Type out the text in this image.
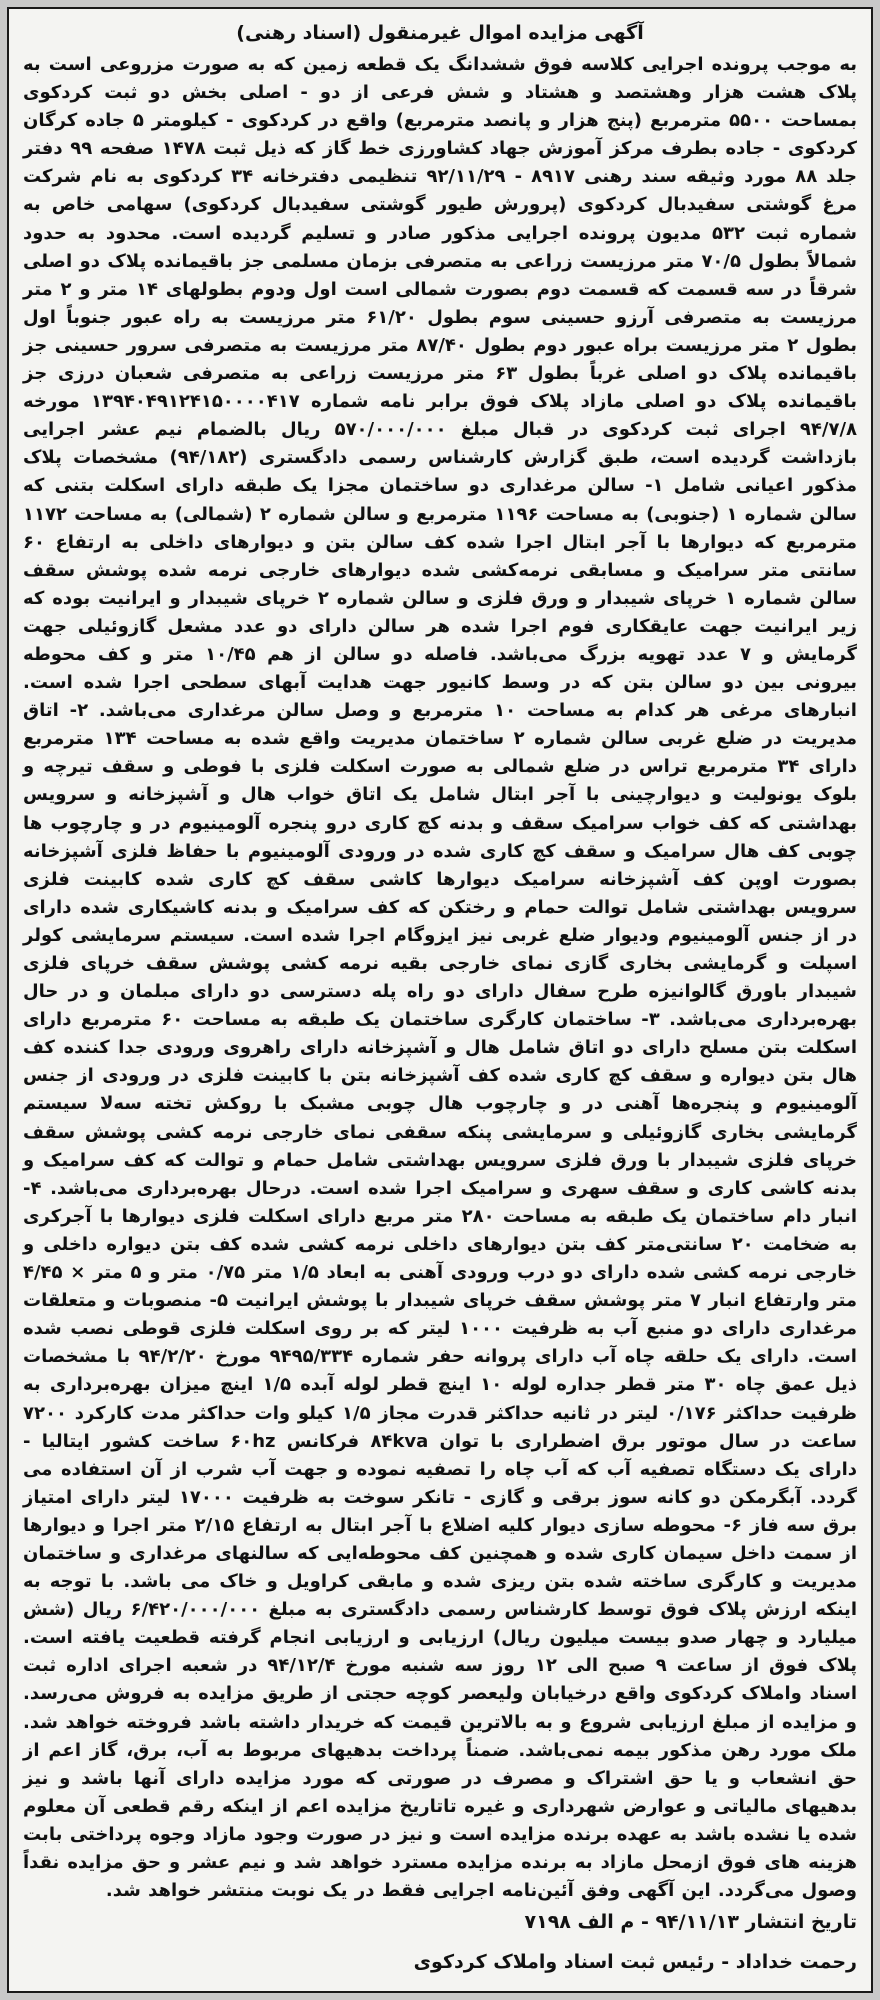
آگهی مزایده اموال غیرمنقول (اسناد رهنی)
به موجب پرونده اجرایی کلاسه فوق ششدانگ یک قطعه زمین که به صورت مزروعی است به پلاک هشت هزار وهشتصد و هشتاد و شش فرعی از دو - اصلی بخش دو ثبت کردکوی بمساحت ۵۵۰۰ مترمربع (پنج هزار و پانصد مترمربع) واقع در کردکوی - کیلومتر ۵ جاده کرگان کردکوی - جاده بطرف مرکز آموزش جهاد کشاورزی خط گاز که ذیل ثبت ۱۴۷۸ صفحه ۹۹ دفتر جلد ۸۸ مورد وثیقه سند رهنی ۸۹۱۷ - ۹۲/۱۱/۲۹ تنظیمی دفترخانه ۳۴ کردکوی به نام شرکت مرغ گوشتی سفیدبال کردکوی (پرورش طیور گوشتی سفیدبال کردکوی) سهامی خاص به شماره ثبت ۵۳۲ مدیون پرونده اجرایی مذکور صادر و تسلیم گردیده است. محدود به حدود شمالاً بطول ۷۰/۵ متر مرزیست زراعی به متصرفی بزمان مسلمی جز باقیمانده پلاک دو اصلی شرقاً در سه قسمت که قسمت دوم بصورت شمالی است اول ودوم بطولهای ۱۴ متر و ۲ متر مرزیست به متصرفی آرزو حسینی سوم بطول ۶۱/۲۰ متر مرزیست به راه عبور جنوباً اول بطول ۲ متر مرزیست براه عبور دوم بطول ۸۷/۴۰ متر مرزیست به متصرفی سرور حسینی جز باقیمانده پلاک دو اصلی غرباً بطول ۶۳ متر مرزیست زراعی به متصرفی شعبان درزی جز باقیمانده پلاک دو اصلی مازاد پلاک فوق برابر نامه شماره ۱۳۹۴۰۴۹۱۲۴۱۵۰۰۰۰۴۱۷ مورخه ۹۴/۷/۸ اجرای ثبت کردکوی در قبال مبلغ ۵۷۰/۰۰۰/۰۰۰ ریال بالضمام نیم عشر اجرایی بازداشت گردیده است، طبق گزارش کارشناس رسمی دادگستری (۹۴/۱۸۲) مشخصات پلاک مذکور اعیانی شامل ۱- سالن مرغداری دو ساختمان مجزا یک طبقه دارای اسکلت بتنی که سالن شماره ۱ (جنوبی) به مساحت ۱۱۹۶ مترمربع و سالن شماره ۲ (شمالی) به مساحت ۱۱۷۲ مترمربع که دیوارها با آجر ابتال اجرا شده کف سالن بتن و دیوارهای داخلی به ارتفاع ۶۰ سانتی متر سرامیک و مسابقی نرمه‌کشی شده دیوارهای خارجی نرمه شده پوشش سقف سالن شماره ۱ خرپای شیبدار و ورق فلزی و سالن شماره ۲ خرپای شیبدار و ایرانیت بوده که زیر ایرانیت جهت عایقکاری فوم اجرا شده هر سالن دارای دو عدد مشعل گازوئیلی جهت گرمایش و ۷ عدد تهویه بزرگ می‌باشد. فاصله دو سالن از هم ۱۰/۴۵ متر و کف محوطه بیرونی بین دو سالن بتن که در وسط کانیور جهت هدایت آبهای سطحی اجرا شده است. انبارهای مرغی هر کدام به مساحت ۱۰ مترمربع و وصل سالن مرغداری می‌باشد. ۲- اتاق مدیریت در ضلع غربی سالن شماره ۲ ساختمان مدیریت واقع شده به مساحت ۱۳۴ مترمربع دارای ۳۴ مترمربع تراس در ضلع شمالی به صورت اسکلت فلزی با فوطی و سقف تیرچه و بلوک یونولیت و دیوارچینی با آجر ابتال شامل یک اتاق خواب هال و آشپزخانه و سرویس بهداشتی که کف خواب سرامیک سقف و بدنه کچ کاری درو پنجره آلومینیوم در و چارچوب ها چوبی کف هال سرامیک و سقف کچ کاری شده در ورودی آلومینیوم با حفاظ فلزی آشپزخانه بصورت اوپن کف آشپزخانه سرامیک دیوارها کاشی سقف کچ کاری شده کابینت فلزی سرویس بهداشتی شامل توالت حمام و رختکن که کف سرامیک و بدنه کاشیکاری شده دارای در از جنس آلومینیوم ودیوار ضلع غربی نیز ایزوگام اجرا شده است. سیستم سرمایشی کولر اسپلت و گرمایشی بخاری گازی نمای خارجی بقیه نرمه کشی پوشش سقف خرپای فلزی شیبدار باورق گالوانیزه طرح سفال دارای دو راه پله دسترسی دو دارای مبلمان و در حال بهره‌برداری می‌باشد. ۳- ساختمان کارگری ساختمان یک طبقه به مساحت ۶۰ مترمربع دارای اسکلت بتن مسلح دارای دو اتاق شامل هال و آشپزخانه دارای راهروی ورودی جدا کننده کف هال بتن دیواره و سقف کچ کاری شده کف آشپزخانه بتن با کابینت فلزی در ورودی از جنس آلومینیوم و پنجره‌ها آهنی در و چارچوب هال چوبی مشبک با روکش تخته سه‌لا سیستم گرمایشی بخاری گازوئیلی و سرمایشی پنکه سقفی نمای خارجی نرمه کشی پوشش سقف خرپای فلزی شیبدار با ورق فلزی سرویس بهداشتی شامل حمام و توالت که کف سرامیک و بدنه کاشی کاری و سقف سهری و سرامیک اجرا شده است. درحال بهره‌برداری می‌باشد. ۴- انبار دام ساختمان یک طبقه به مساحت ۲۸۰ متر مربع دارای اسکلت فلزی دیوارها با آجرکری به ضخامت ۲۰ سانتی‌متر کف بتن دیوارهای داخلی نرمه کشی شده کف بتن دیواره داخلی و خارجی نرمه کشی شده دارای دو درب ورودی آهنی به ابعاد ۱/۵ متر ۰/۷۵ متر و ۵ متر × ۴/۴۵ متر وارتفاع انبار ۷ متر پوشش سقف خرپای شیبدار با پوشش ایرانیت ۵- منصوبات و متعلقات مرغداری دارای دو منبع آب به ظرفیت ۱۰۰۰ لیتر که بر روی اسکلت فلزی قوطی نصب شده است. دارای یک حلقه چاه آب دارای پروانه حفر شماره ۹۴۹۵/۳۳۴ مورخ ۹۴/۲/۲۰ با مشخصات ذیل عمق چاه ۳۰ متر قطر جداره لوله ۱۰ اینچ قطر لوله آبده ۱/۵ اینچ میزان بهره‌برداری به ظرفیت حداکثر ۰/۱۷۶ لیتر در ثانیه حداکثر قدرت مجاز ۱/۵ کیلو وات حداکثر مدت کارکرد ۷۲۰۰ ساعت در سال موتور برق اضطراری با توان ۸۴kva فرکانس ۶۰hz ساخت کشور ایتالیا - دارای یک دستگاه تصفیه آب که آب چاه را تصفیه نموده و جهت آب شرب از آن استفاده می گردد. آبگرمکن دو کانه سوز برقی و گازی - تانکر سوخت به ظرفیت ۱۷۰۰۰ لیتر دارای امتیاز برق سه فاز ۶- محوطه سازی دیوار کلیه اضلاع با آجر ابتال به ارتفاع ۲/۱۵ متر اجرا و دیوارها از سمت داخل سیمان کاری شده و همچنین کف محوطه‌ایی که سالنهای مرغداری و ساختمان مدیریت و کارگری ساخته شده بتن ریزی شده و مابقی کراویل و خاک می باشد. با توجه به اینکه ارزش پلاک فوق توسط کارشناس رسمی دادگستری به مبلغ ۶/۴۲۰/۰۰۰/۰۰۰ ریال (شش میلیارد و چهار صدو بیست میلیون ریال) ارزیابی و ارزیابی انجام گرفته قطعیت یافته است. پلاک فوق از ساعت ۹ صبح الی ۱۲ روز سه شنبه مورخ ۹۴/۱۲/۴ در شعبه اجرای اداره ثبت اسناد واملاک کردکوی واقع درخیابان ولیعصر کوچه حجتی از طریق مزایده به فروش می‌رسد. و مزایده از مبلغ ارزیابی شروع و به بالاترین قیمت که خریدار داشته باشد فروخته خواهد شد. ملک مورد رهن مذکور بیمه نمی‌باشد. ضمناً پرداخت بدهیهای مربوط به آب، برق، گاز اعم از حق انشعاب و یا حق اشتراک و مصرف در صورتی که مورد مزایده دارای آنها باشد و نیز بدهیهای مالیاتی و عوارض شهرداری و غیره تاتاریخ مزایده اعم از اینکه رقم قطعی آن معلوم شده یا نشده باشد به عهده برنده مزایده است و نیز در صورت وجود مازاد وجوه پرداختی بابت هزینه های فوق ازمحل مازاد به برنده مزایده مسترد خواهد شد و نیم عشر و حق مزایده نقداً وصول می‌گردد. این آگهی وفق آئین‌نامه اجرایی فقط در یک نوبت منتشر خواهد شد.
تاریخ انتشار ۹۴/۱۱/۱۳ - م الف ۷۱۹۸
رحمت خداداد - رئیس ثبت اسناد واملاک کردکوی
